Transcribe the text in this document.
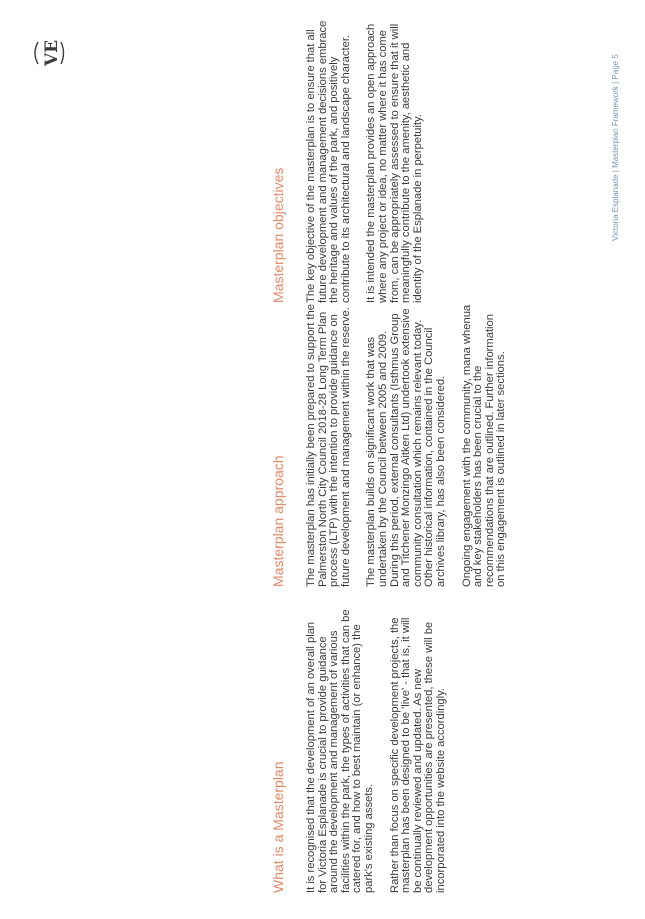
What is a Masterplan It is recognised that the development of an overall plan for Victoria Esplanade is crucial to provide guidance around the development and management of various facilities within the park, the types of activities that can be catered for, and how to best maintain (or enhance) the park's existing assets. Rather than focus on specific development projects, the masterplan has been designed to be 'live' - that is, it will be continually reviewed and updated. As new development opportunities are presented, these will be incorporated into the website accordingly.

Masterplan approach The masterplan has initially been prepared to support the Palmerston North City Council 2018-28 Long Term Plan process (LTP) with the intention to provide guidance on future development and management within the reserve. The masterplan builds on significant work that was undertaken by the Council between 2005 and 2009. During this period, external consultants (Isthmus Group and Titchener Monzingo Aitken Ltd) undertook extensive community consultation which remains relevant today. Other historical information, contained in the Council archives library, has also been considered. Ongoing engagement with the community, mana whenua and key stakeholders has been crucial to the recommendations that are outlined. Further information on this engagement is outlined in later sections.

Masterplan objectives The key objective of the masterplan is to ensure that all future development and management decisions embrace the heritage and values of the park, and positively contribute to its architectural and landscape character. It is intended the masterplan provides an open approach where any project or idea, no matter where it has come from, can be appropriately assessed to ensure that it will meaningfully contribute to the amenity, aesthetic and identity of the Esplanade in perpetuity.	Victoria Esplanade | Masterplan Framework | Page 5
VE
